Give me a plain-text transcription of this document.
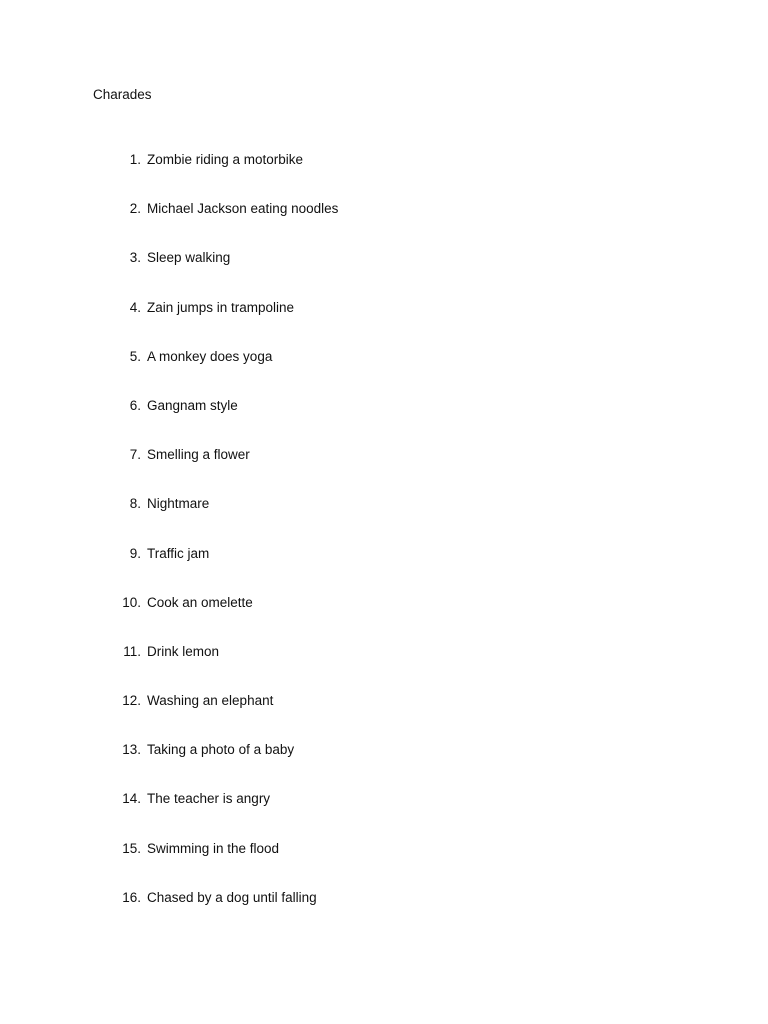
Charades
1. Zombie riding a motorbike
2. Michael Jackson eating noodles
3. Sleep walking
4. Zain jumps in trampoline
5. A monkey does yoga
6. Gangnam style
7. Smelling a flower
8. Nightmare
9. Traffic jam
10. Cook an omelette
11. Drink lemon
12. Washing an elephant
13. Taking a photo of a baby
14. The teacher is angry
15. Swimming in the flood
16. Chased by a dog until falling
